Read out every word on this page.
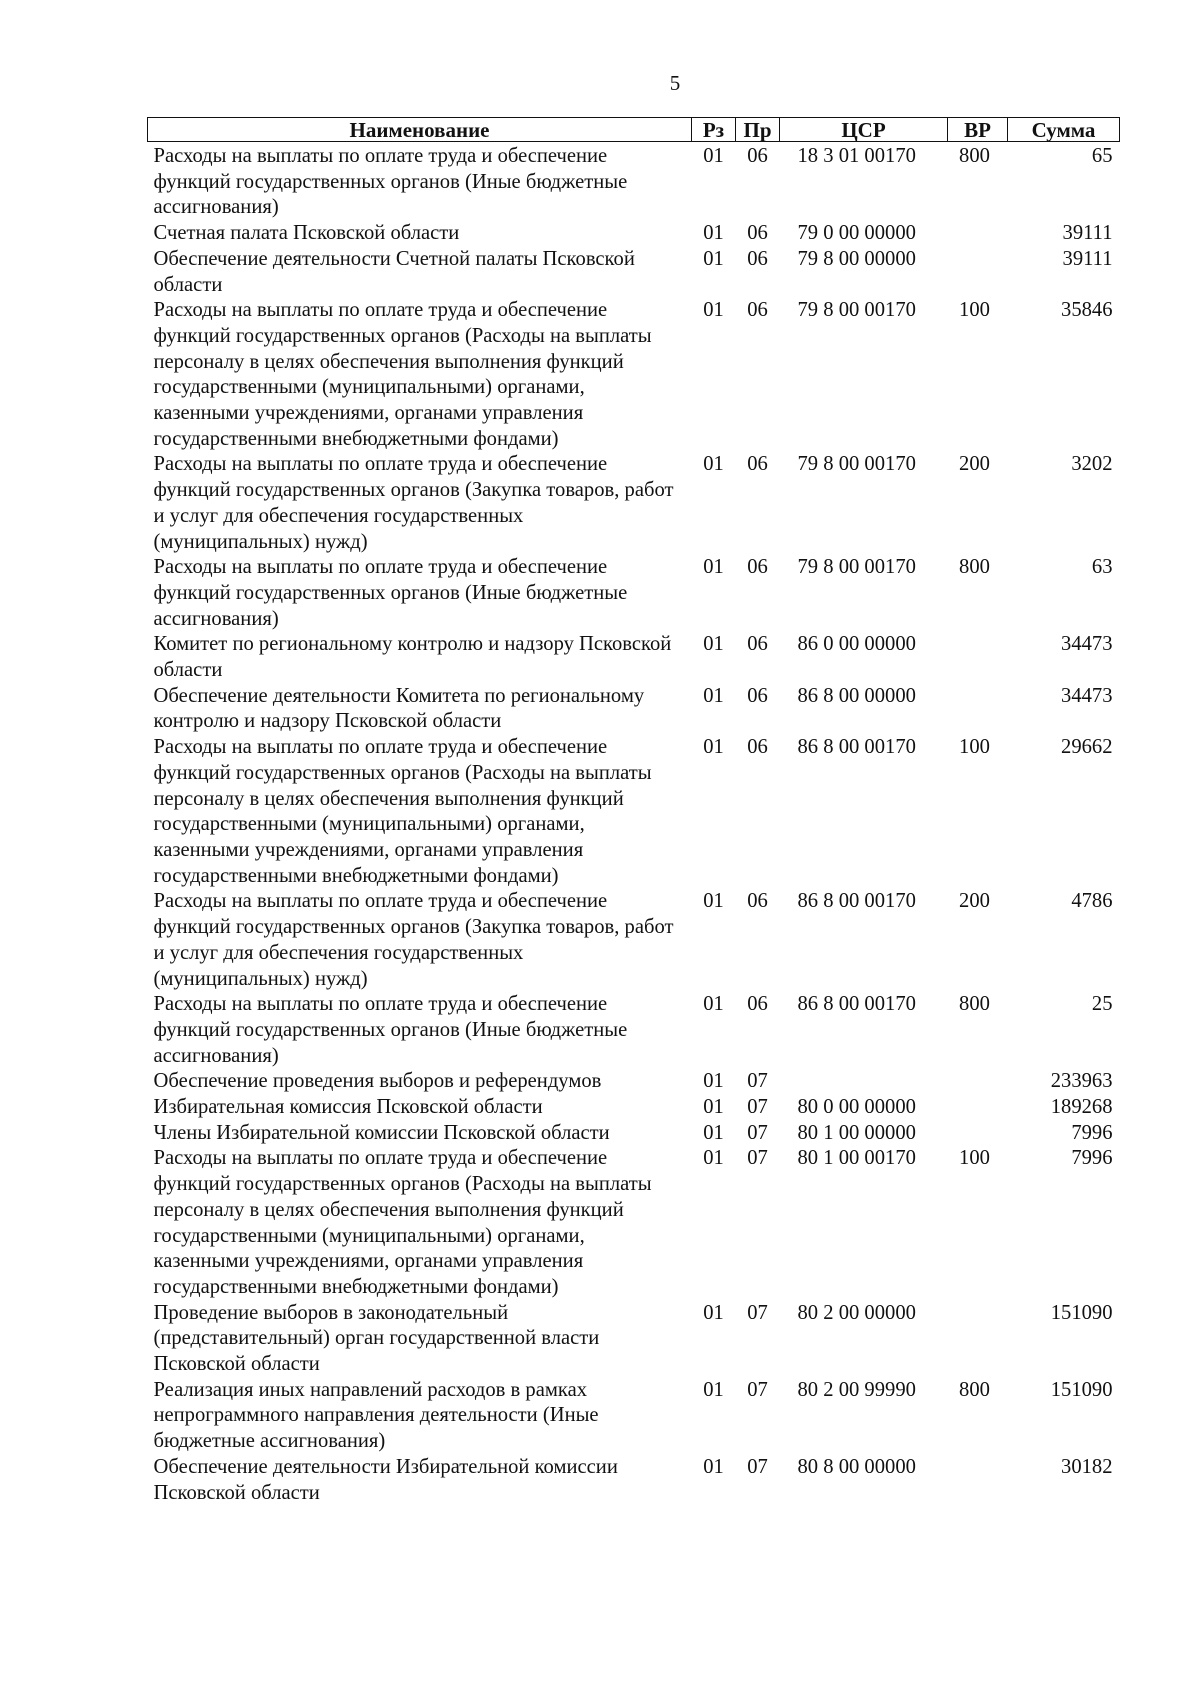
5
Наименование	Рз	Пр	ЦСР	ВР	Сумма
Расходы на выплаты по оплате труда и обеспечение функций государственных органов (Иные бюджетные ассигнования)	01	06	18 3 01 00170	800	65
Счетная палата Псковской области	01	06	79 0 00 00000		39111
Обеспечение деятельности Счетной палаты Псковской области	01	06	79 8 00 00000		39111
Расходы на выплаты по оплате труда и обеспечение функций государственных органов (Расходы на выплаты персоналу в целях обеспечения выполнения функций государственными (муниципальными) органами, казенными учреждениями, органами управления государственными внебюджетными фондами)	01	06	79 8 00 00170	100	35846
Расходы на выплаты по оплате труда и обеспечение функций государственных органов (Закупка товаров, работ и услуг для обеспечения государственных (муниципальных) нужд)	01	06	79 8 00 00170	200	3202
Расходы на выплаты по оплате труда и обеспечение функций государственных органов (Иные бюджетные ассигнования)	01	06	79 8 00 00170	800	63
Комитет по региональному контролю и надзору Псковской области	01	06	86 0 00 00000		34473
Обеспечение деятельности Комитета по региональному контролю и надзору Псковской области	01	06	86 8 00 00000		34473
Расходы на выплаты по оплате труда и обеспечение функций государственных органов (Расходы на выплаты персоналу в целях обеспечения выполнения функций государственными (муниципальными) органами, казенными учреждениями, органами управления государственными внебюджетными фондами)	01	06	86 8 00 00170	100	29662
Расходы на выплаты по оплате труда и обеспечение функций государственных органов (Закупка товаров, работ и услуг для обеспечения государственных (муниципальных) нужд)	01	06	86 8 00 00170	200	4786
Расходы на выплаты по оплате труда и обеспечение функций государственных органов (Иные бюджетные ассигнования)	01	06	86 8 00 00170	800	25
Обеспечение проведения выборов и референдумов	01	07			233963
Избирательная комиссия Псковской области	01	07	80 0 00 00000		189268
Члены Избирательной комиссии Псковской области	01	07	80 1 00 00000		7996
Расходы на выплаты по оплате труда и обеспечение функций государственных органов (Расходы на выплаты персоналу в целях обеспечения выполнения функций государственными (муниципальными) органами, казенными учреждениями, органами управления государственными внебюджетными фондами)	01	07	80 1 00 00170	100	7996
Проведение выборов в законодательный (представительный) орган государственной власти Псковской области	01	07	80 2 00 00000		151090
Реализация иных направлений расходов в рамках непрограммного направления деятельности (Иные бюджетные ассигнования)	01	07	80 2 00 99990	800	151090
Обеспечение деятельности Избирательной комиссии Псковской области	01	07	80 8 00 00000		30182
